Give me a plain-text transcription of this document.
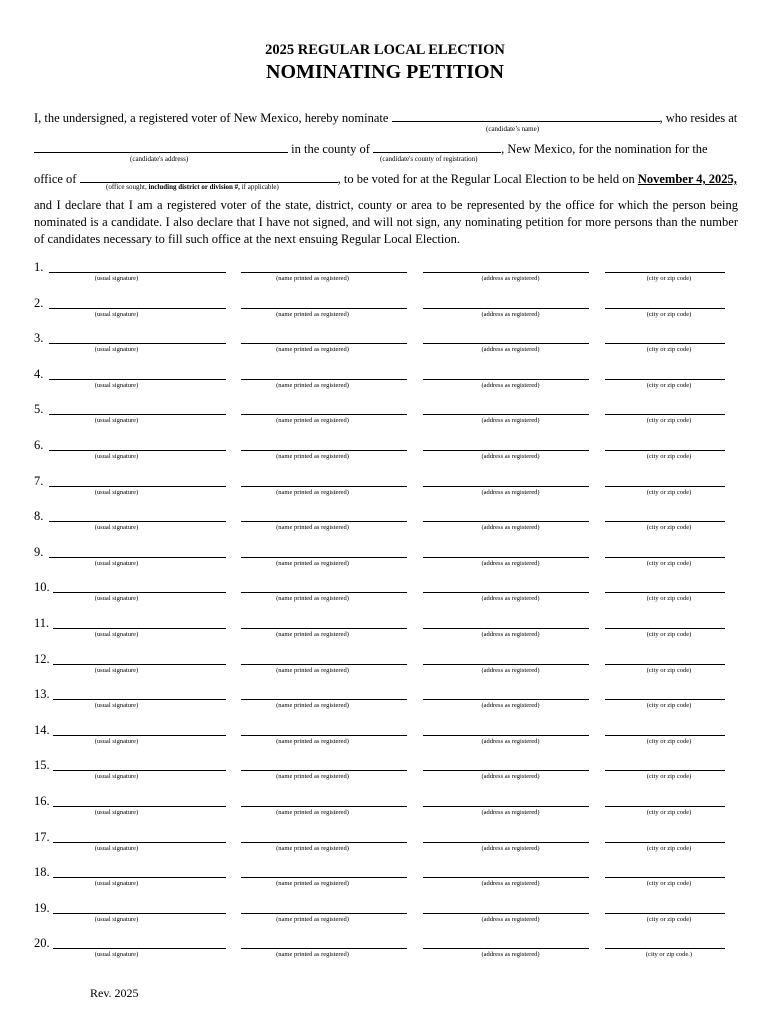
2025 REGULAR LOCAL ELECTION
NOMINATING PETITION
I, the undersigned, a registered voter of New Mexico, hereby nominate	, who resides at
(candidate’s name)
in the county of	, New Mexico, for the nomination for the
(candidate's address)	(candidate's county of registration)
office of	, to be voted for at the Regular Local Election to be held on November 4, 2025,
(office sought, including district or division #, if applicable)
and I declare that I am a registered voter of the state, district, county or area to be represented by the office for which the person being nominated is a candidate. I also declare that I have not signed, and will not sign, any nominating petition for more persons than the number of candidates necessary to fill such office at the next ensuing Regular Local Election.
1.
(usual signature)	(name printed as registered)	(address as registered)	(city or zip code)
2.
(usual signature)	(name printed as registered)	(address as registered)	(city or zip code)
3.
(usual signature)	(name printed as registered)	(address as registered)	(city or zip code)
4.
(usual signature)	(name printed as registered)	(address as registered)	(city or zip code)
5.
(usual signature)	(name printed as registered)	(address as registered)	(city or zip code)
6.
(usual signature)	(name printed as registered)	(address as registered)	(city or zip code)
7.
(usual signature)	(name printed as registered)	(address as registered)	(city or zip code)
8.
(usual signature)	(name printed as registered)	(address as registered)	(city or zip code)
9.
(usual signature)	(name printed as registered)	(address as registered)	(city or zip code)
10.
(usual signature)	(name printed as registered)	(address as registered)	(city or zip code)
11.
(usual signature)	(name printed as registered)	(address as registered)	(city or zip code)
12.
(usual signature)	(name printed as registered)	(address as registered)	(city or zip code)
13.
(usual signature)	(name printed as registered)	(address as registered)	(city or zip code)
14.
(usual signature)	(name printed as registered)	(address as registered)	(city or zip code)
15.
(usual signature)	(name printed as registered)	(address as registered)	(city or zip code)
16.
(usual signature)	(name printed as registered)	(address as registered)	(city or zip code)
17.
(usual signature)	(name printed as registered)	(address as registered)	(city or zip code)
18.
(usual signature)	(name printed as registered)	(address as registered)	(city or zip code)
19.
(usual signature)	(name printed as registered)	(address as registered)	(city or zip code)
20.
(usual signature)	(name printed as registered)	(address as registered)	(city or zip code.)
Rev. 2025
